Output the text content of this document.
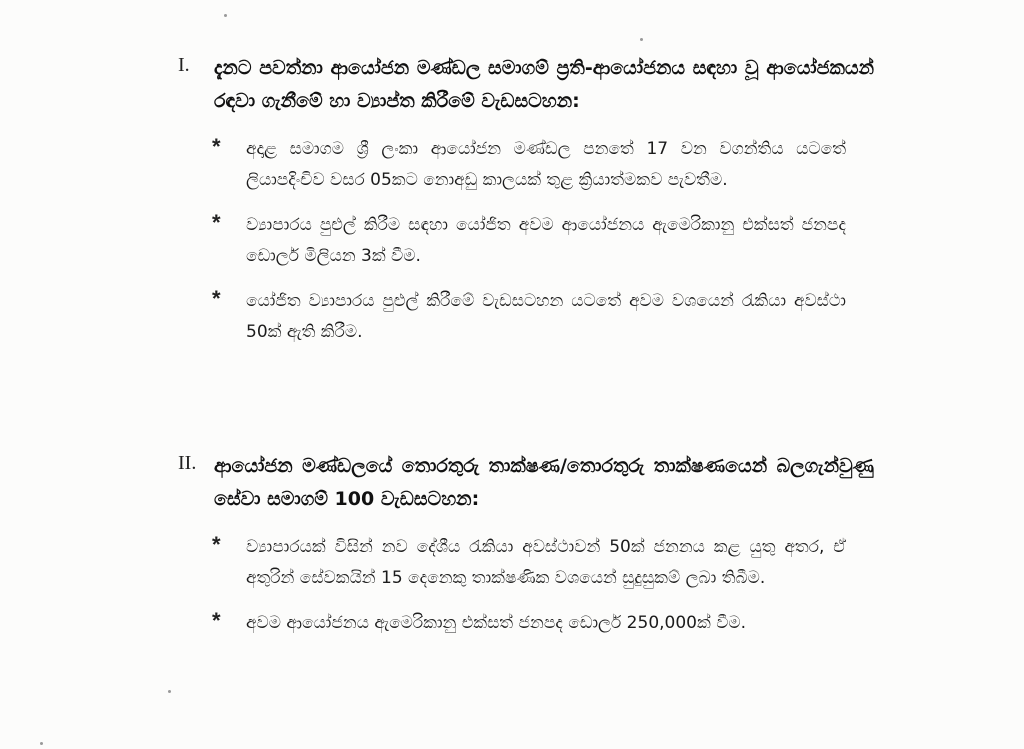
I. දැනට පවත්නා ආයෝජන මණ්ඩල සමාගම් ප්‍රති-ආයෝජනය සඳහා වූ ආයෝජකයන් රඳවා ගැනීමේ හා ව්‍යාප්ත කිරීමේ වැඩසටහන:
* අදාළ සමාගම ශ්‍රී ලංකා ආයෝජන මණ්ඩල පනතේ 17 වන වගන්තිය යටතේ ලියාපදිංචිව වසර 05කට නොඅඩු කාලයක් තුළ ක්‍රියාත්මකව පැවතීම.
* ව්‍යාපාරය පුළුල් කිරීම සඳහා යෝජිත අවම ආයෝජනය ඇමෙරිකානු එක්සත් ජනපද ඩොලර් මිලියන 3ක් වීම.
* යෝජිත ව්‍යාපාරය පුළුල් කිරීමේ වැඩසටහන යටතේ අවම වශයෙන් රැකියා අවස්ථා 50ක් ඇති කිරීම.
II. ආයෝජන මණ්ඩලයේ තොරතුරු තාක්ෂණ/තොරතුරු තාක්ෂණයෙන් බලගැන්වුණු සේවා සමාගම් 100 වැඩසටහන:
* ව්‍යාපාරයක් විසින් නව දේශීය රැකියා අවස්ථාවන් 50ක් ජනනය කළ යුතු අතර, ඒ අතුරින් සේවකයින් 15 දෙනෙකු තාක්ෂණික වශයෙන් සුදුසුකම් ලබා තිබීම.
* අවම ආයෝජනය ඇමෙරිකානු එක්සත් ජනපද ඩොලර් 250,000ක් වීම.
